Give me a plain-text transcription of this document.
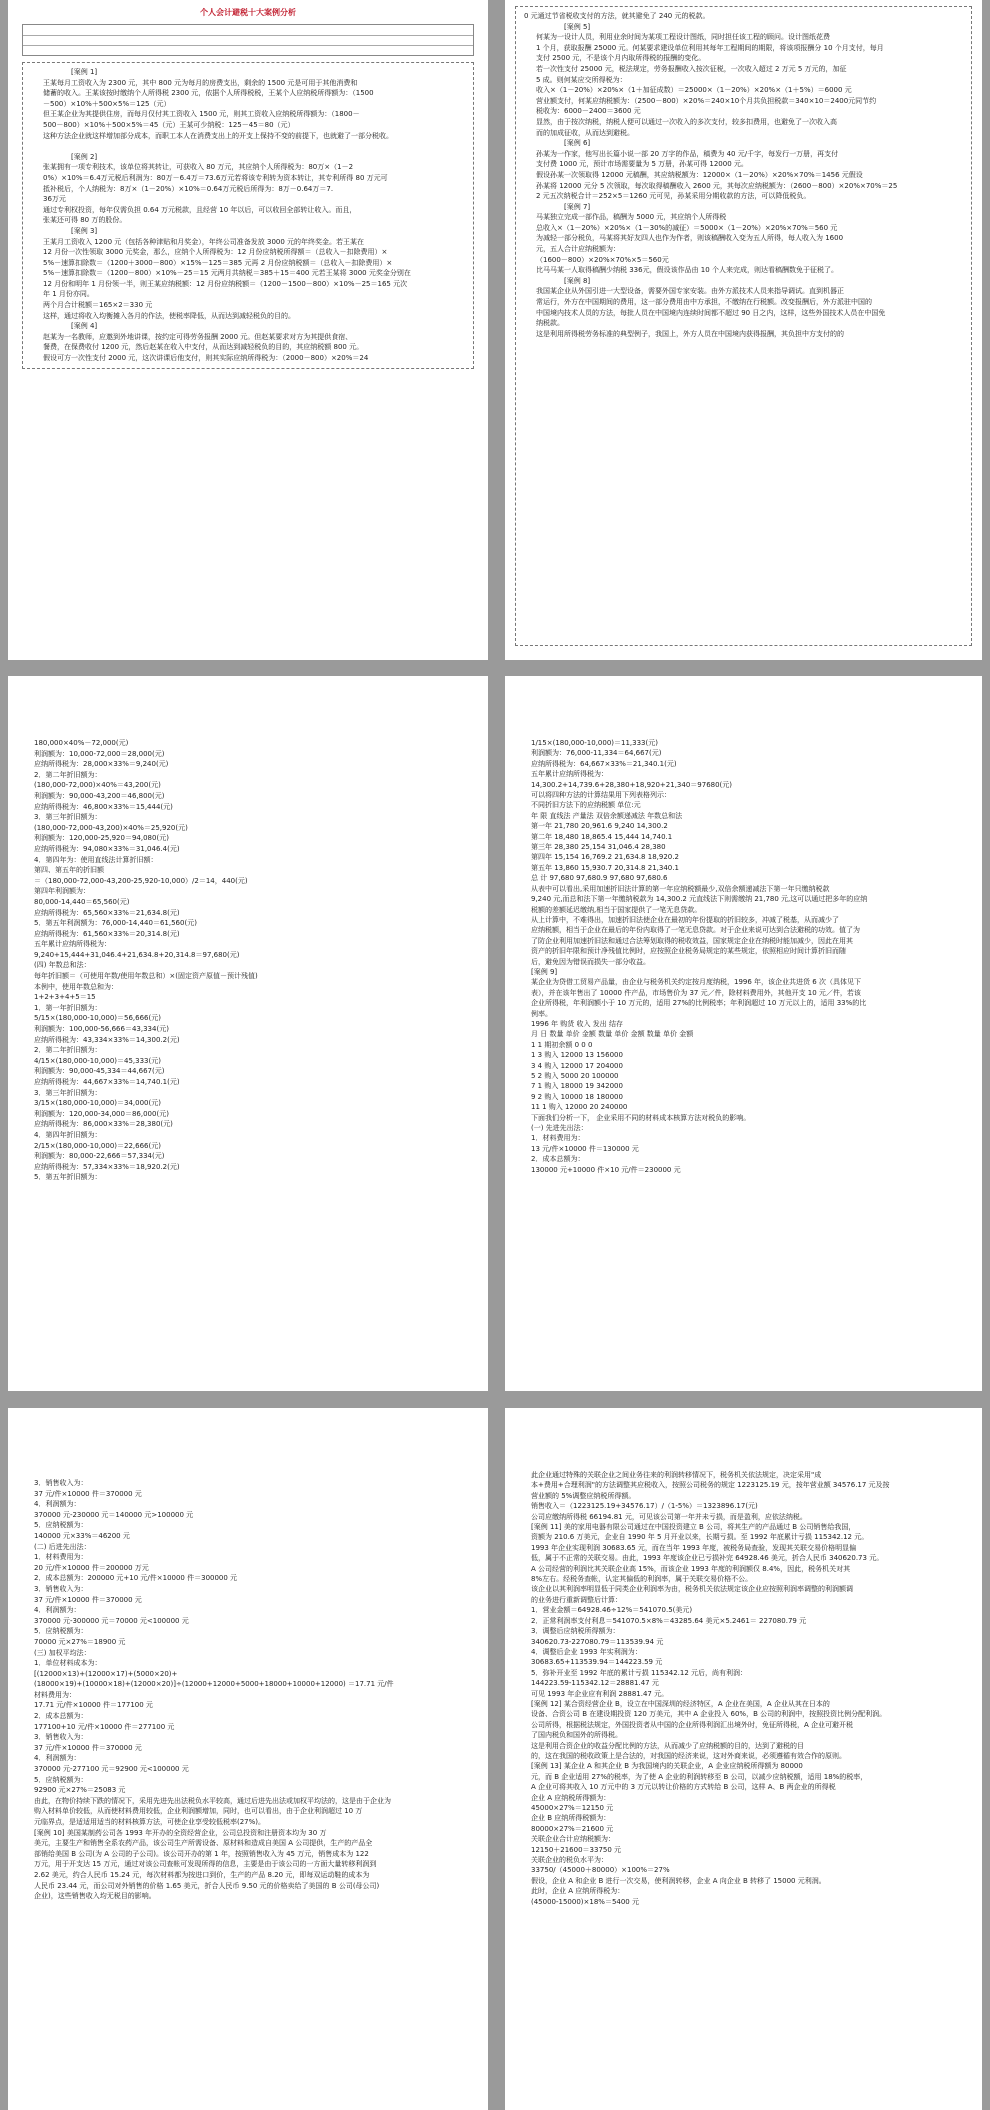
个人会计避税十大案例分析
[案例 1]
王某每月工资收入为 2300 元，其中 800 元为每月的房费支出，剩余的 1500 元是可用于其他消费和
储蓄的收入。王某该按时缴纳个人所得税 2300 元，依据个人所得税税，王某个人应纳税所得额为：（1500
－500）×10%＋500×5%＝125（元）
但王某企业为其提供住房，而每月仅付其工资收入 1500 元，则其工资收入应纳税所得额为：（1800－
500－800）×10%＋500×5%＝45（元）王某可少纳税：125－45＝80（元）
这种方法企业就这样增加部分成本，而职工本人在消费支出上的开支上保持不变的前提下，也就避了一部分税收。

[案例 2]
张某拥有一项专利技术，该单位将其转让，可获收入 80 万元，其应纳个人所得税为：80万×（1－2
0%）×10%＝6.4万元税后利润为：80万－6.4万＝73.6万元若将该专利转为资本转让，其专利所得 80 万元可
抵补税后，个人纳税为：8万×（1－20%）×10%＝0.64万元税后所得为：8万－0.64万＝7.
36万元
通过专利权投资，每年仅需负担 0.64 万元税款，且经营 10 年以后，可以收回全部转让收入。而且，
张某还可得 80 万的股份。
[案例 3]
王某月工资收入 1200 元（包括各种津贴和月奖金），年终公司准备发放 3000 元的年终奖金。若王某在
12 月份一次性领取 3000 元奖金，那么，应纳个人所得税为：12 月份应纳税所得额＝（总收入－扣除费用）×
5%－速算扣除数＝（1200＋3000－800）×15%－125＝385 元再 2 月份应纳税额＝（总收入－扣除费用）×
5%－速算扣除数＝（1200－800）×10%－25＝15 元两月共纳税＝385＋15＝400 元若王某将 3000 元奖金分别在
12 月份和明年 1 月份领一半，则王某应纳税额：12 月份应纳税额＝（1200－1500－800）×10%－25＝165 元次
年 1 月份亦同。
两个月合计税额＝165×2＝330 元
这样，通过将收入均衡摊入各月的作法，使税率降低，从而达到减轻税负的目的。
[案例 4]
赵某为一名教师，应邀到外地讲课，按约定可得劳务报酬 2000 元。但赵某要求对方为其提供食宿、
餐费，在保费收付 1200 元，然后赵某在收入中支付，从而达到减轻税负的目的，其应纳税额 800 元。
假设可方一次性支付 2000 元，这次讲课后他支付，则其实际应纳所得税为：（2000－800）×20%＝24
0 元通过节省税收支付的方法，就其避免了 240 元的税款。
[案例 5]
何某为一设计人员，利用业余时间为某项工程设计图纸，同时担任该工程的顾问。设计图纸花费
1 个月，获取报酬 25000 元。何某要求建设单位利用其每年工程期间的期限，将该项报酬分 10 个月支付，每月
支付 2500 元，不是该个月内取所得税的报酬的变化。
若一次性支付 25000 元，税法规定，劳务报酬收入按次征税，一次收入超过 2 万元 5 万元的，加征
5 成。则何某应交所得税为：
收入×（1－20%）×20%×（1＋加征成数）＝25000×（1－20%）×20%×（1＋5%）＝6000 元
营业额支付，何某应纳税额为：（2500－800）×20%＝240×10个月共负担税款＝340×10＝2400元同节约
税收为：6000－2400＝3600 元
显然，由于按次纳税，纳税人便可以通过一次收入的多次支付，较多扣费用，也避免了一次收入高
而的加成征收，从而达到避税。
[案例 6]
孙某为一作家，他写出长篇小说一部 20 万字的作品，稿费为 40 元/千字，每发行一万册，再支付
支付费 1000 元，预计市场需要量为 5 万册，孙某可得 12000 元。
假设孙某一次领取得 12000 元稿酬，其应纳税额为：12000×（1－20%）×20%×70%＝1456 元假设
孙某将 12000 元分 5 次领取，每次取得稿酬收入 2600 元，其每次应纳税额为：（2600－800）×20%×70%＝25
2 元五次纳税合计＝252×5＝1260 元可见，孙某采用分期收款的方法，可以降低税负。
[案例 7]
马某独立完成一部作品，稿酬为 5000 元，其应纳个人所得税
总收入×（1－20%）×20%×（1－30%的减征）＝5000×（1－20%）×20%×70%＝560 元
为减轻一部分税负，马某将其好友四人也作为作者，则该稿酬收入变为五人所得，每人收入为 1600
元，五人合计应纳税额为：
（1600－800）×20%×70%×5＝560元
比马马某一人取得稿酬少纳税 336元，假设该作品由 10 个人来完成，则达看稿酬数免于征税了。
[案例 8]
我国某企业从外国引进一大型设备，需要外国专家安装。由外方派技术人员来指导调试。直到机器正
常运行，外方在中国期间的费用，这一部分费用由中方承担，不缴纳在行税额。改变报酬后，外方派驻中国的
中国境内技术人员的方法，每批人员在中国境内连续时间都不超过 90 日之内，这样，这些外国技术人员在中国免
纳税款。
这是利用所得税劳务标准的典型例子，我国上，外方人员在中国境内获得报酬，其负担中方支付的的
180,000×40%－72,000(元)
利润额为：10,000-72,000＝28,000(元)
应纳所得税为：28,000×33%＝9,240(元)
2．第二年折旧额为：
(180,000-72,000)×40%＝43,200(元)
利润额为：90,000-43,200＝46,800(元)
应纳所得税为：46,800×33%＝15,444(元)
3．第三年折旧额为：
(180,000-72,000-43,200)×40%＝25,920(元)
利润额为：120,000-25,920＝94,080(元)
应纳所得税为：94,080×33%＝31,046.4(元)
4．第四年为：使用直线法计算折旧额：
第四、第五年的折旧额
＝（180,000-72,000-43,200-25,920-10,000）/2＝14，440(元)
第四年利润额为：
80,000-14,440＝65,560(元)
应纳所得税为：65,560×33%＝21,634.8(元)
5．第五年利润额为：76,000-14,440＝61,560(元)
应纳所得税为：61,560×33%＝20,314.8(元)
五年累计应纳所得税为：
9,240+15,444+31,046.4+21,634.8+20,314.8＝97,680(元)
(四) 年数总和法：
每年折旧额＝（可使用年数/使用年数总和）×(固定资产原值－预计残值)
本例中，使用年数总和为：
1+2+3+4+5＝15
1．第一年折旧额为：
5/15×(180,000-10,000)＝56,666(元)
利润额为：100,000-56,666＝43,334(元)
应纳所得税为：43,334×33%＝14,300.2(元)
2．第二年折旧额为：
4/15×(180,000-10,000)＝45,333(元)
利润额为：90,000-45,334＝44,667(元)
应纳所得税为：44,667×33%＝14,740.1(元)
3．第三年折旧额为：
3/15×(180,000-10,000)＝34,000(元)
利润额为：120,000-34,000＝86,000(元)
应纳所得税为：86,000×33%＝28,380(元)
4．第四年折旧额为：
2/15×(180,000-10,000)＝22,666(元)
利润额为：80,000-22,666＝57,334(元)
应纳所得税为：57,334×33%＝18,920.2(元)
5．第五年折旧额为：
1/15×(180,000-10,000)＝11,333(元)
利润额为：76,000-11,334＝64,667(元)
应纳所得税为：64,667×33%＝21,340.1(元)
五年累计应纳所得税为：
14,300.2+14,739.6+28,380+18,920+21,340＝97680(元)
可以将四种方法的计算结果用下列表格列示：
不同折旧方法下的应纳税额 单位:元
年 限 直线法 产量法 双倍余额递减法 年数总和法
第一年 21,780 20,961.6 9,240 14,300.2
第二年 18,480 18,865.4 15,444 14,740.1
第三年 28,380 25,154 31,046.4 28,380
第四年 15,154 16,769.2 21,634.8 18,920.2
第五年 13,860 15,930.7 20,314.8 21,340.1
总 计 97,680 97,680.9 97,680 97,680.6
从表中可以看出,采用加速折旧法计算的第一年应纳税额最少,双倍余额递减法下第一年只缴纳税款
9,240 元,而总和法下第一年缴纳税款为 14,300.2 元直线法下则需缴纳 21,780 元,这可以通过把多年的应纳
税额的差额延迟缴纳,相当于国家提供了一笔无息贷款。
从上计算中，不难得出，加速折旧法使企业在最初的年份提取的折旧较多，冲减了税基，从而减少了
应纳税额，相当于企业在最后的年份内取得了一笔无息贷款。对于企业来说可达到合法避税的功效。值了为
了防企业利用加速折旧法和通过合法筹划取得的税收效益，国家规定企业在纳税时能加减少，因此在用其
资产的折旧年限和预计净残值比例时，应按照企业税务局规定的某些规定，依照相应时间计算折旧而随
后，避免因为错误而损失一部分收益。
[案例 9]
某企业为贷借工贸易产品量，由企业与税务机关约定按月度纳税，1996 年，该企业共进货 6 次（具体见下
表），并在该年售出了 10000 件产品，市场售价为 37 元／件，除材料费用外，其他开支 10 元／件，若该
企业所得税，年利润额小于 10 万元的，适用 27%的比例税率；年利润超过 10 万元以上的，适用 33%的比
例率。
1996 年 购货 收入 发出 结存
月 日 数量 单价 金额 数量 单价 金额 数量 单价 金额
1 1 期初余额 0 0 0
1 3 购入 12000 13 156000
3 4 购入 12000 17 204000
5 2 购入 5000 20 100000
7 1 购入 18000 19 342000
9 2 购入 10000 18 180000
11 1 购入 12000 20 240000
下面我们分析一下， 企业采用不同的材料成本核算方法对税负的影响。
(一) 先进先出法：
1．材料费用为：
13 元/件×10000 件＝130000 元
2．成本总额为：
130000 元+10000 件×10 元/件＝230000 元
3．销售收入为：
37 元/件×10000 件＝370000 元
4．利润额为：
370000 元-230000 元＝140000 元>100000 元
5．应纳税额为：
140000 元×33%＝46200 元
(二) 后进先出法：
1．材料费用为：
20 元/件×10000 件＝200000 万元
2．成本总额为：200000 元+10 元/件×10000 件＝300000 元
3．销售收入为：
37 元/件×10000 件＝370000 元
4．利润额为：
370000 元-300000 元＝70000 元<100000 元
5．应纳税额为：
70000 元×27%＝18900 元
(三) 加权平均法：
1．单位材料成本为：
[(12000×13)+(12000×17)+(5000×20)+
(18000×19)+(10000×18)+(12000×20)]÷(12000+12000+5000+18000+10000+12000) ＝17.71 元/件
材料费用为：
17.71 元/件×10000 件＝177100 元
2．成本总额为：
177100+10 元/件×10000 件＝277100 元
3．销售收入为：
37 元/件×10000 件＝370000 元
4．利润额为：
370000 元-277100 元＝92900 元<100000 元
5．应纳税额为：
92900 元×27%＝25083 元
由此，在物价持续下跌的情况下，采用先进先出法税负水平较高，通过后进先出法或加权平均法的，这是由于企业为
购入材料单价较低，从而使材料费用较低，企业利润额增加，同时，也可以看出，由于企业利润超过 10 万
元临界点，是适适用适当的材料核算方法，可使企业享受较低税率(27%)。
[案例 10] 美国某制药公司各 1993 年开办的全资经营企业，公司总投资和注册资本均为 30 万
美元，主要生产和销售全系农药产品，该公司生产所需设备、原材料和造成自美国 A 公司提供，生产的产品全
部销给美国 B 公司(为 A 公司的子公司)。该公司开办的第 1 年，按照销售收入为 45 万元，销售成本为 122
万元，用于开支达 15 万元，通过对该公司查帐可发现所得的信息，主要是由于该公司的一方面大量转移利润到
2.62 美元，约合人民币 15.24 元，每次材料都为按进口到价，生产的产品 8.20 元，即每双运动鞋的成本为
人民币 23.44 元，而公司对外销售的价格 1.65 美元，折合人民币 9.50 元的价格卖给了美国的 B 公司(母公司)
企业)，这些销售收入均无税目的影响。
此企业通过特殊的关联企业之间业务往来的利润转移情况下，税务机关依法规定，决定采用"成
本+费用+合理利润"的方法调整其应税收入，按照公司税务的规定 1223125.19 元，按年营业额 34576.17 元及按
营业额的 5%调整应纳税所得额。
销售收入＝（1223125.19+34576.17）/（1-5%）＝1323896.17(元)
公司应缴纳所得税 66194.81 元，可见该公司第一年并未亏损，而是盈利，应依法纳税。
[案例 11] 美的家用电器有限公司通过在中国投资建立 B 公司，将其生产的产品通过 B 公司销售给我国，
资额为 210.6 万美元，企业自 1990 年 5 月开业以来，长期亏损。至 1992 年底累计亏损 115342.12 元。
1993 年企业实现利润 30683.65 元，而在当年 1993 年度，被税务局查验，发现其关联交易价格明显偏
低，属于不正常的关联交易。由此，1993 年度该企业已亏损补完 64928.46 美元，折合人民币 340620.73 元。
A 公司经营的利润比其关联企业高 15%，而该企业 1993 年度的利润额仅 8.4%，因此，税务机关对其
8%左右。经税务查帐，认定其偏低的利润率，属于关联交易价格不公。
该企业以其利润率明显低于同类企业利润率为由，税务机关依法规定该企业应按照利润率调整的利润额调
的业务进行重新调整后计算：
1．营业金额＝64928.46÷12%＝541070.5(美元)
2．正常利润率支付利息＝541070.5×8%＝43285.64 美元×5.2461＝ 227080.79 元
3．调整后应纳税所得额为：
340620.73-227080.79＝113539.94 元
4．调整后企业 1993 年实利润为：
30683.65+113539.94＝144223.59 元
5．弥补开业至 1992 年底的累计亏损 115342.12 元后，尚有利润：
144223.59-115342.12＝28881.47 元
可见 1993 年企业应有利润 28881.47 元。
[案例 12] 某合资经营企业 B，设立在中国深圳的经济特区，A 企业在美国，A 企业从其在日本的
设备、合资公司 B 在建设期投资 120 万美元，其中 A 企业投入 60%，B 公司的利润中，按照投资比例分配利润。
公司所得，根据税法规定，外国投资者从中国的企业所得利润汇出境外时，免征所得税，A 企业可避开税
了国内税负和国外的所得税。
这是利用合资企业的收益分配比例的方法，从而减少了应纳税额的目的，达到了避税的目
的，这在我国的税收政策上是合法的，对我国的经济来说，这对外商来说，必须遵循有效合作的原则。
[案例 13] 某企业 A 和其企业 B 为我国境内的关联企业，A 企业应纳税所得额为 80000
元，而 B 企业适用 27%的税率，为了使 A 企业的利润转移至 B 公司，以减少应纳税额，适用 18%的税率，
A 企业可将其收入 10 万元中的 3 万元以转让价格的方式转给 B 公司，这样 A、B 两企业的所得税
企业 A 应纳税所得额为：
45000×27%＝12150 元
企业 B 应纳所得税额为：
80000×27%＝21600 元
关联企业合计应纳税额为：
12150＋21600＝33750 元
关联企业的税负水平为：
33750/（45000＋80000）×100%＝27%
假设，企业 A 和企业 B 进行一次交易，使利润转移，企业 A 向企业 B 转移了 15000 元利润。
此时，企业 A 应纳所得税为：
(45000-15000)×18%＝5400 元
